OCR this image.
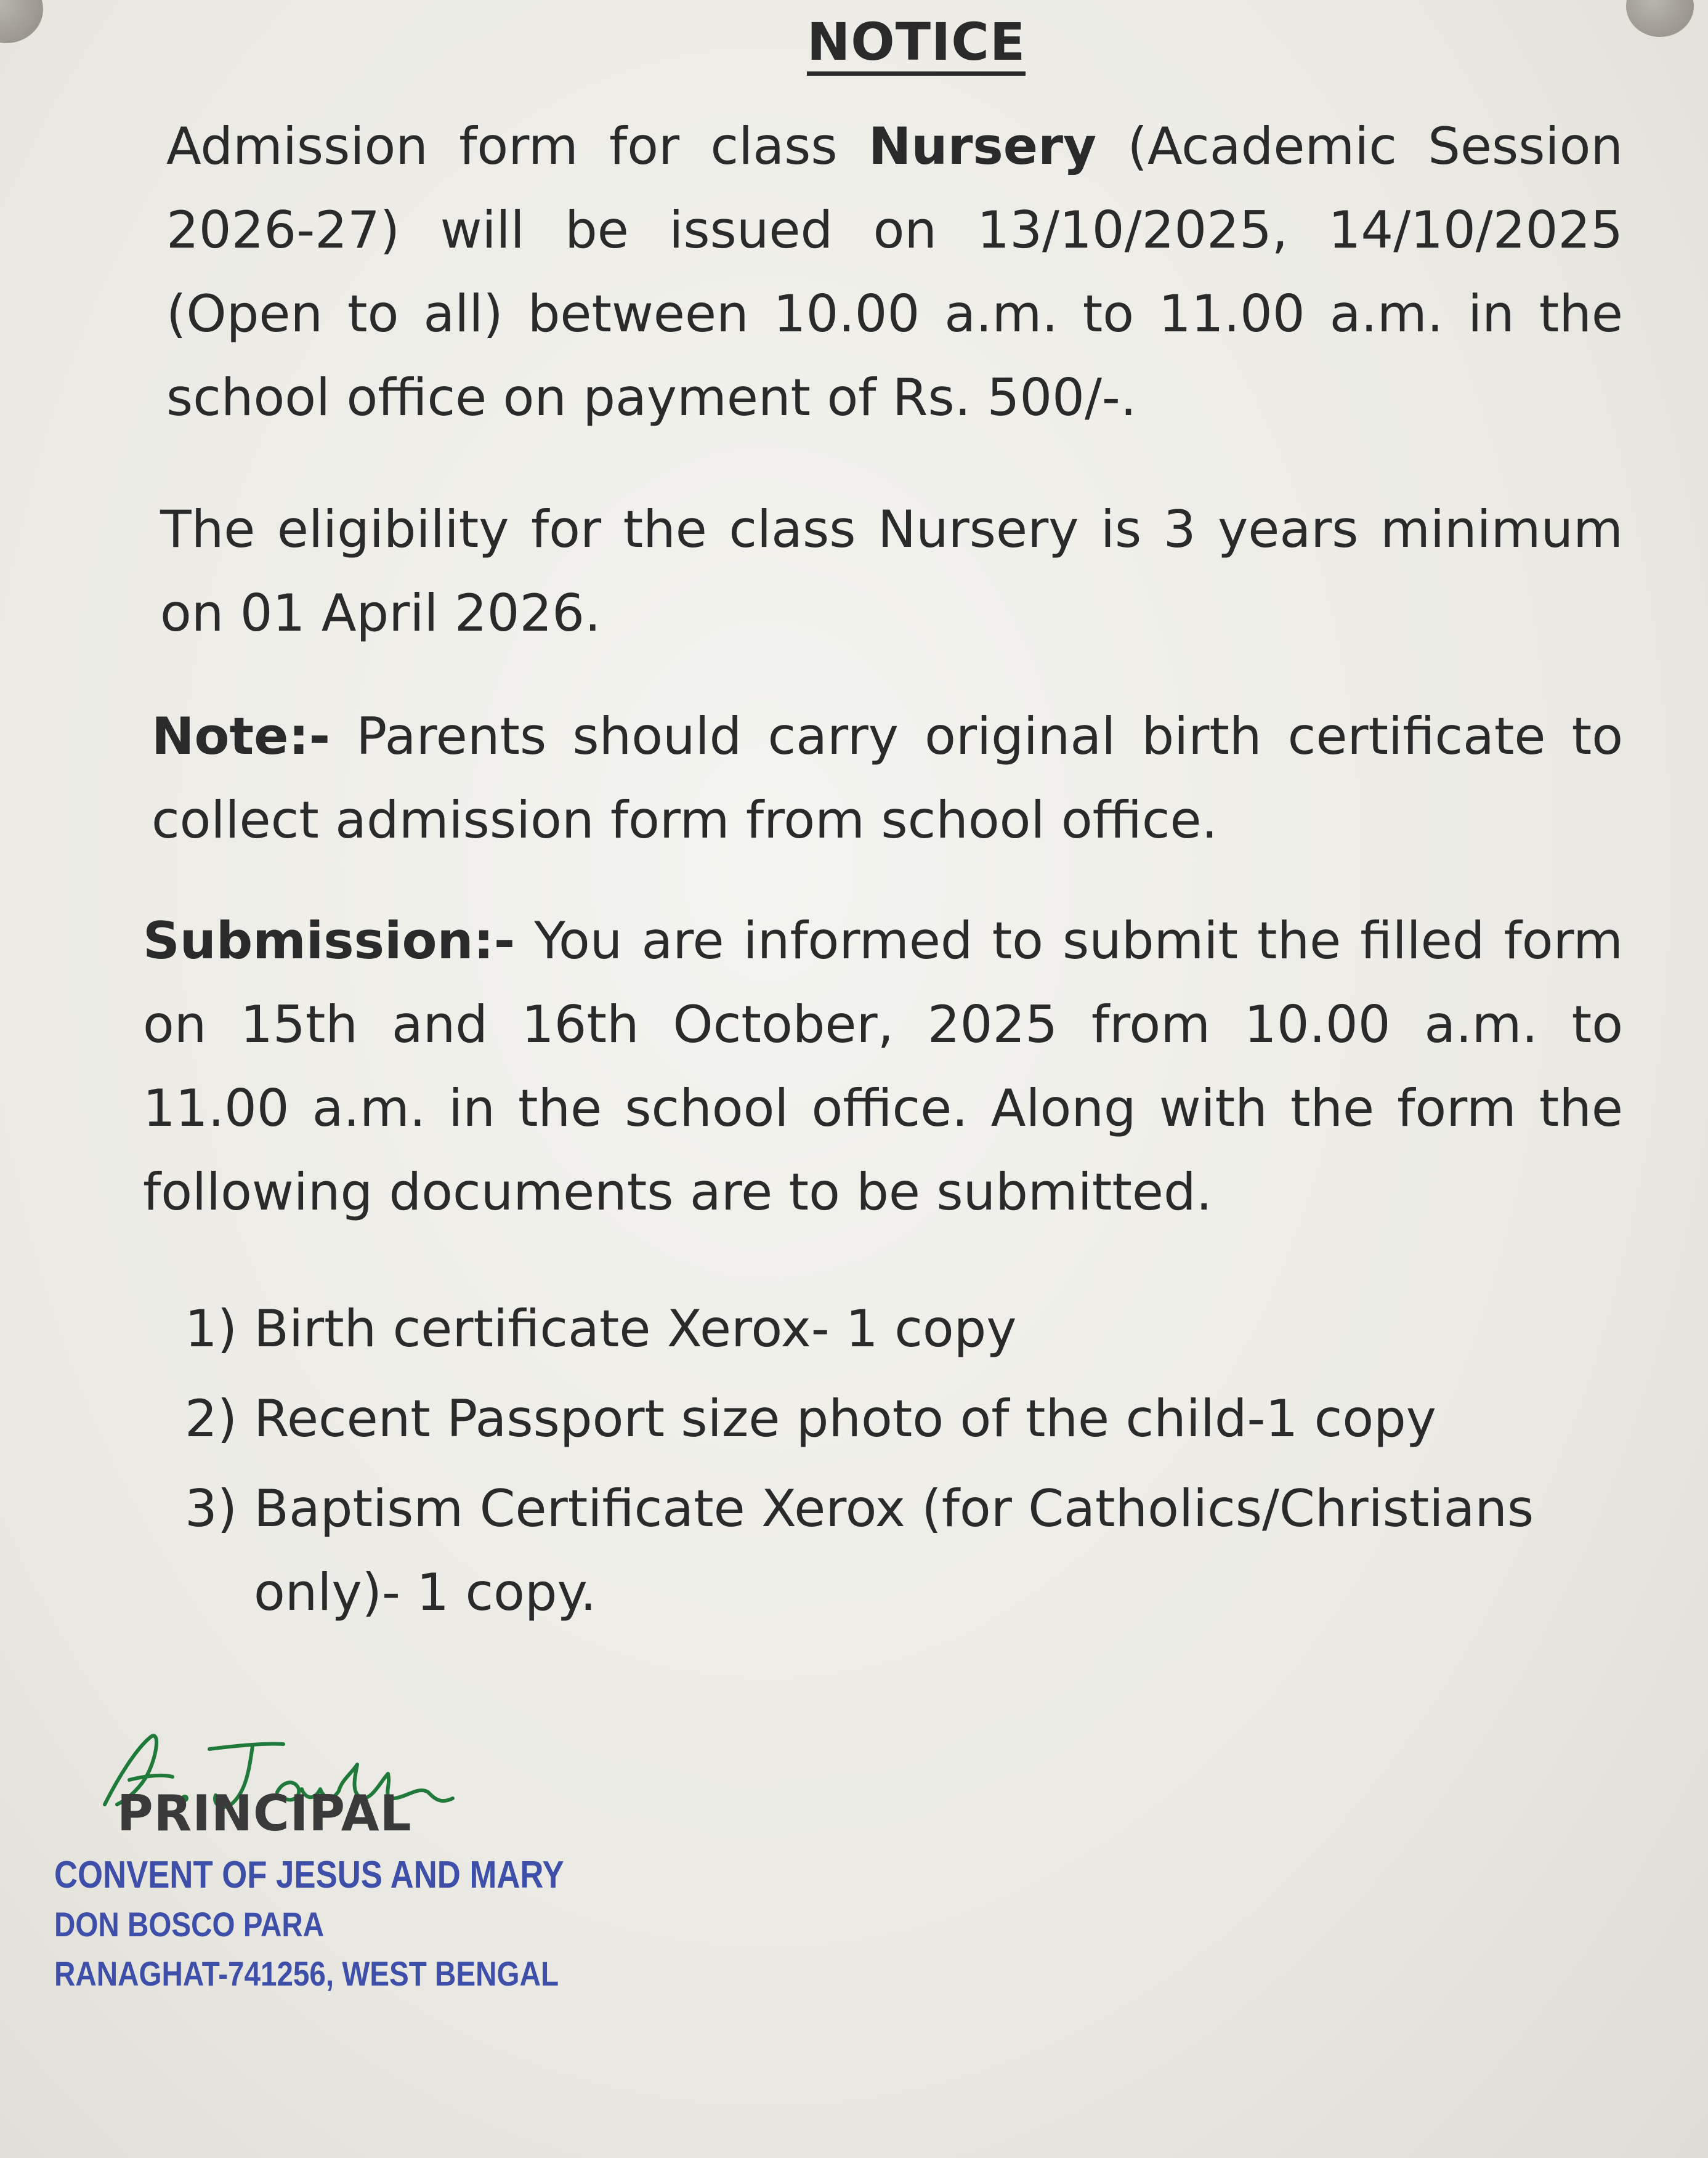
NOTICE
Admission form for class Nursery (Academic Session 2026-27) will be issued on 13/10/2025, 14/10/2025 (Open to all) between 10.00 a.m. to 11.00 a.m. in the school office on payment of Rs. 500/-.
The eligibility for the class Nursery is 3 years minimum on 01 April 2026.
Note:- Parents should carry original birth certificate to collect admission form from school office.
Submission:- You are informed to submit the filled form on 15th and 16th October, 2025 from 10.00 a.m. to 11.00 a.m. in the school office. Along with the form the following documents are to be submitted.
1) Birth certificate Xerox- 1 copy
2) Recent Passport size photo of the child-1 copy
3) Baptism Certificate Xerox (for Catholics/Christians only)- 1 copy.
PRINCIPAL
CONVENT OF JESUS AND MARY
DON BOSCO PARA
RANAGHAT-741256, WEST BENGAL
